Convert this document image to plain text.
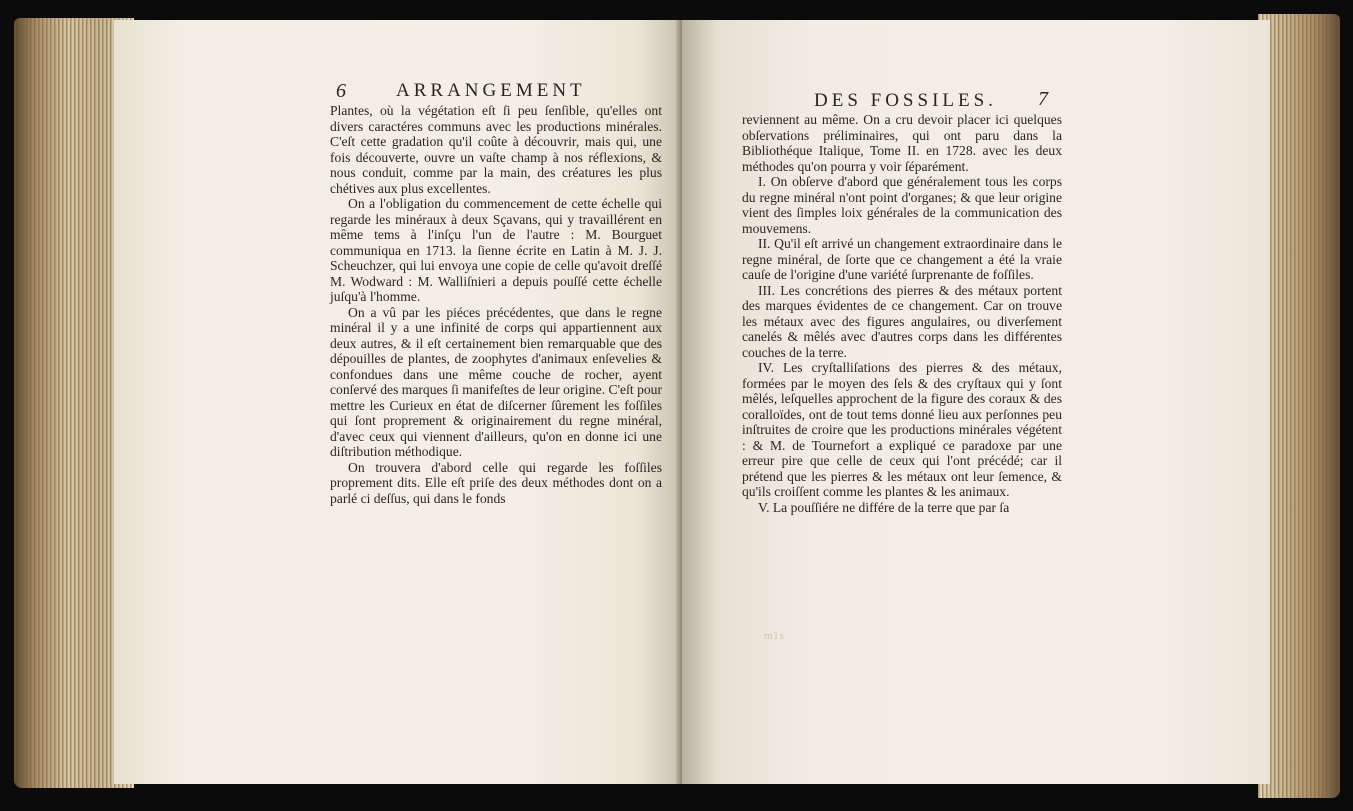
6	ARRANGEMENT

Plantes, où la végétation eſt ſi peu ſenſible, qu'elles ont divers caractéres communs avec les productions minérales. C'eſt cette gradation qu'il coûte à découvrir, mais qui, une fois découverte, ouvre un vaſte champ à nos réflexions, & nous conduit, comme par la main, des créatures les plus chétives aux plus excellentes.

On a l'obligation du commencement de cette échelle qui regarde les minéraux à deux Sçavans, qui y travaillérent en même tems à l'inſçu l'un de l'autre : M. Bourguet communiqua en 1713. la ſienne écrite en Latin à M. J. J. Scheuchzer, qui lui envoya une copie de celle qu'avoit dreſſé M. Wodward : M. Walliſnieri a depuis pouſſé cette échelle juſqu'à l'homme.

On a vû par les piéces précédentes, que dans le regne minéral il y a une infinité de corps qui appartiennent aux deux autres, & il eſt certainement bien remarquable que des dépouilles de plantes, de zoophytes d'animaux enſevelies & confondues dans une même couche de rocher, ayent conſervé des marques ſi manifeſtes de leur origine. C'eſt pour mettre les Curieux en état de diſcerner ſûrement les foſſiles qui ſont proprement & originairement du regne minéral, d'avec ceux qui viennent d'ailleurs, qu'on en donne ici une diſtribution méthodique.

On trouvera d'abord celle qui regarde les foſſiles proprement dits. Elle eſt priſe des deux méthodes dont on a parlé ci deſſus, qui dans le fonds

DES FOSSILES. 7

reviennent au même. On a cru devoir placer ici quelques obſervations préliminaires, qui ont paru dans la Bibliothéque Italique, Tome II. en 1728. avec les deux méthodes qu'on pourra y voir ſéparément.

I. On obſerve d'abord que généralement tous les corps du regne minéral n'ont point d'organes; & que leur origine vient des ſimples loix générales de la communication des mouvemens.

II. Qu'il eſt arrivé un changement extraordinaire dans le regne minéral, de ſorte que ce changement a été la vraie cauſe de l'origine d'une variété ſurprenante de foſſiles.

III. Les concrétions des pierres & des métaux portent des marques évidentes de ce changement. Car on trouve les métaux avec des figures angulaires, ou diverſement canelés & mêlés avec d'autres corps dans les différentes couches de la terre.

IV. Les cryſtalliſations des pierres & des métaux, formées par le moyen des ſels & des cryſtaux qui y ſont mêlés, leſquelles approchent de la figure des coraux & des coralloïdes, ont de tout tems donné lieu aux perſonnes peu inſtruites de croire que les productions minérales végétent : & M. de Tournefort a expliqué ce paradoxe par une erreur pire que celle de ceux qui l'ont précédé; car il prétend que les pierres & les métaux ont leur ſemence, & qu'ils croiſſent comme les plantes & les animaux.

V. La pouſſiére ne différe de la terre que par ſa

mis
